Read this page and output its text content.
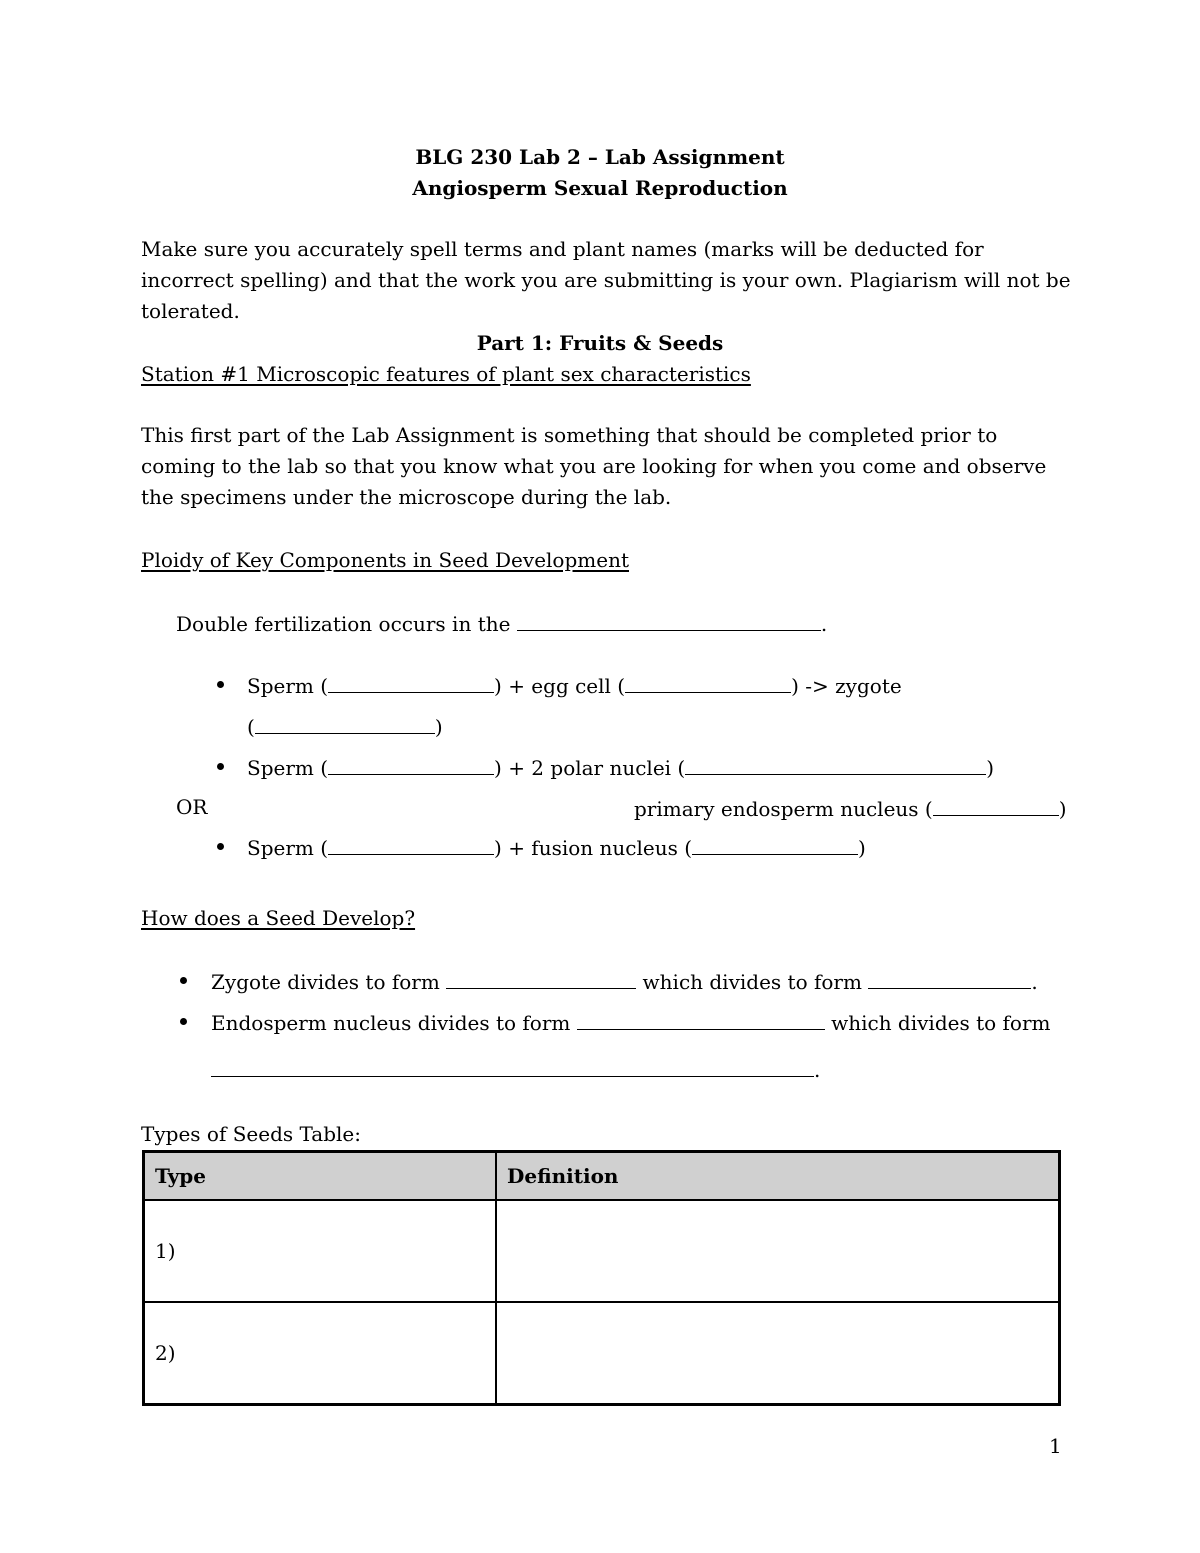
BLG 230 Lab 2 – Lab Assignment
Angiosperm Sexual Reproduction
Make sure you accurately spell terms and plant names (marks will be deducted for incorrect spelling) and that the work you are submitting is your own. Plagiarism will not be tolerated.
Part 1: Fruits & Seeds
Station #1 Microscopic features of plant sex characteristics
This first part of the Lab Assignment is something that should be completed prior to coming to the lab so that you know what you are looking for when you come and observe the specimens under the microscope during the lab.
Ploidy of Key Components in Seed Development
Double fertilization occurs in the	.
Sperm (	) + egg cell (	) -> zygote
(	)
Sperm (	) + 2 polar nuclei (	)
OR	primary endosperm nucleus (	)
Sperm (	) + fusion nucleus (	)
How does a Seed Develop?
Zygote divides to form	which divides to form	.
Endosperm nucleus divides to form	which divides to form
.
Types of Seeds Table:
Type	Definition
1)	
2)	
1
